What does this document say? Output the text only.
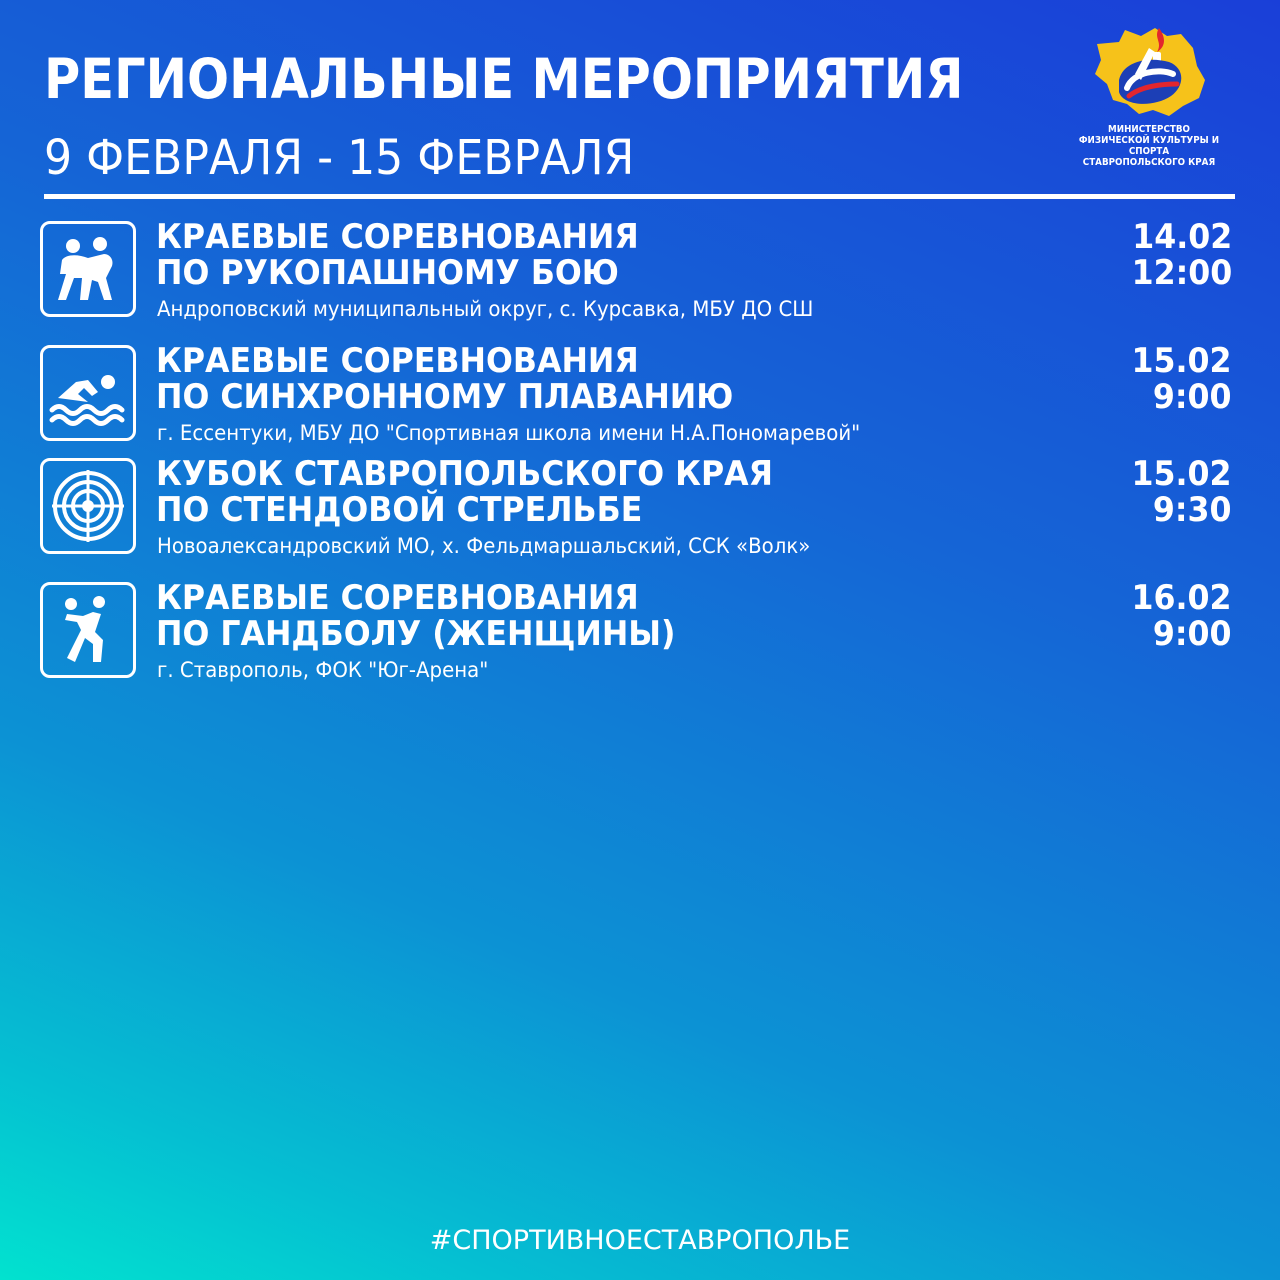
РЕГИОНАЛЬНЫЕ МЕРОПРИЯТИЯ
9 ФЕВРАЛЯ - 15 ФЕВРАЛЯ
МИНИСТЕРСТВО
ФИЗИЧЕСКОЙ КУЛЬТУРЫ И СПОРТА
СТАВРОПОЛЬСКОГО КРАЯ
КРАЕВЫЕ СОРЕВНОВАНИЯ
ПО РУКОПАШНОМУ БОЮ
Андроповский муниципальный округ, с. Курсавка, МБУ ДО СШ
14.02
12:00
КРАЕВЫЕ СОРЕВНОВАНИЯ
ПО СИНХРОННОМУ ПЛАВАНИЮ
г. Ессентуки, МБУ ДО "Спортивная школа имени Н.А.Пономаревой"
15.02
9:00
КУБОК СТАВРОПОЛЬСКОГО КРАЯ
ПО СТЕНДОВОЙ СТРЕЛЬБЕ
Новоалександровский МО, х. Фельдмаршальский, ССК «Волк»
15.02
9:30
КРАЕВЫЕ СОРЕВНОВАНИЯ
ПО ГАНДБОЛУ (ЖЕНЩИНЫ)
г. Ставрополь, ФОК "Юг-Арена"
16.02
9:00
#СПОРТИВНОЕСТАВРОПОЛЬЕ
